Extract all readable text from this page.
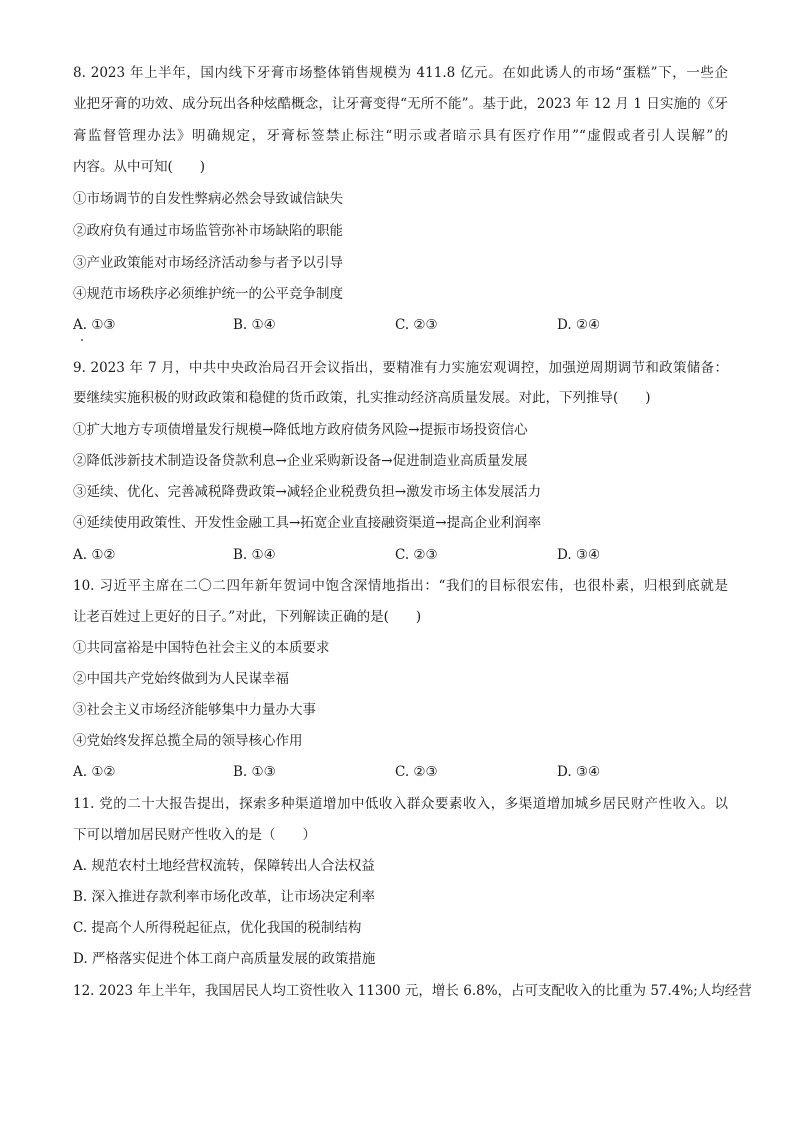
8. 2023 年上半年，国内线下牙膏市场整体销售规模为 411.8 亿元。在如此诱人的市场“蛋糕”下，一些企
业把牙膏的功效、成分玩出各种炫酷概念，让牙膏变得“无所不能”。基于此，2023 年 12 月 1 日实施的《牙
膏监督管理办法》明确规定，牙膏标签禁止标注“明示或者暗示具有医疗作用”“虚假或者引人误解”的
内容。从中可知(　　)
①市场调节的自发性弊病必然会导致诚信缺失
②政府负有通过市场监管弥补市场缺陷的职能
③产业政策能对市场经济活动参与者予以引导
④规范市场秩序必须维护统一的公平竞争制度
A. ①③	B. ①④	C. ②③	D. ②④
9. 2023 年 7 月，中共中央政治局召开会议指出，要精准有力实施宏观调控，加强逆周期调节和政策储备：
要继续实施积极的财政政策和稳健的货币政策，扎实推动经济高质量发展。对此，下列推导(　　)
①扩大地方专项债增量发行规模→降低地方政府债务风险→提振市场投资信心
②降低涉新技术制造设备贷款利息→企业采购新设备→促进制造业高质量发展
③延续、优化、完善减税降费政策→减轻企业税费负担→激发市场主体发展活力
④延续使用政策性、开发性金融工具→拓宽企业直接融资渠道→提高企业利润率
A. ①②	B. ①④	C. ②③	D. ③④
10. 习近平主席在二〇二四年新年贺词中饱含深情地指出：“我们的目标很宏伟，也很朴素，归根到底就是
让老百姓过上更好的日子。”对此，下列解读正确的是(　　)
①共同富裕是中国特色社会主义的本质要求
②中国共产党始终做到为人民谋幸福
③社会主义市场经济能够集中力量办大事
④党始终发挥总揽全局的领导核心作用
A. ①②	B. ①③	C. ②③	D. ③④
11. 党的二十大报告提出，探索多种渠道增加中低收入群众要素收入，多渠道增加城乡居民财产性收入。以
下可以增加居民财产性收入的是（　　）
A. 规范农村土地经营权流转，保障转出人合法权益
B. 深入推进存款利率市场化改革，让市场决定利率
C. 提高个人所得税起征点，优化我国的税制结构
D. 严格落实促进个体工商户高质量发展的政策措施
12. 2023 年上半年，我国居民人均工资性收入 11300 元，增长 6.8%，占可支配收入的比重为 57.4%;人均经营
